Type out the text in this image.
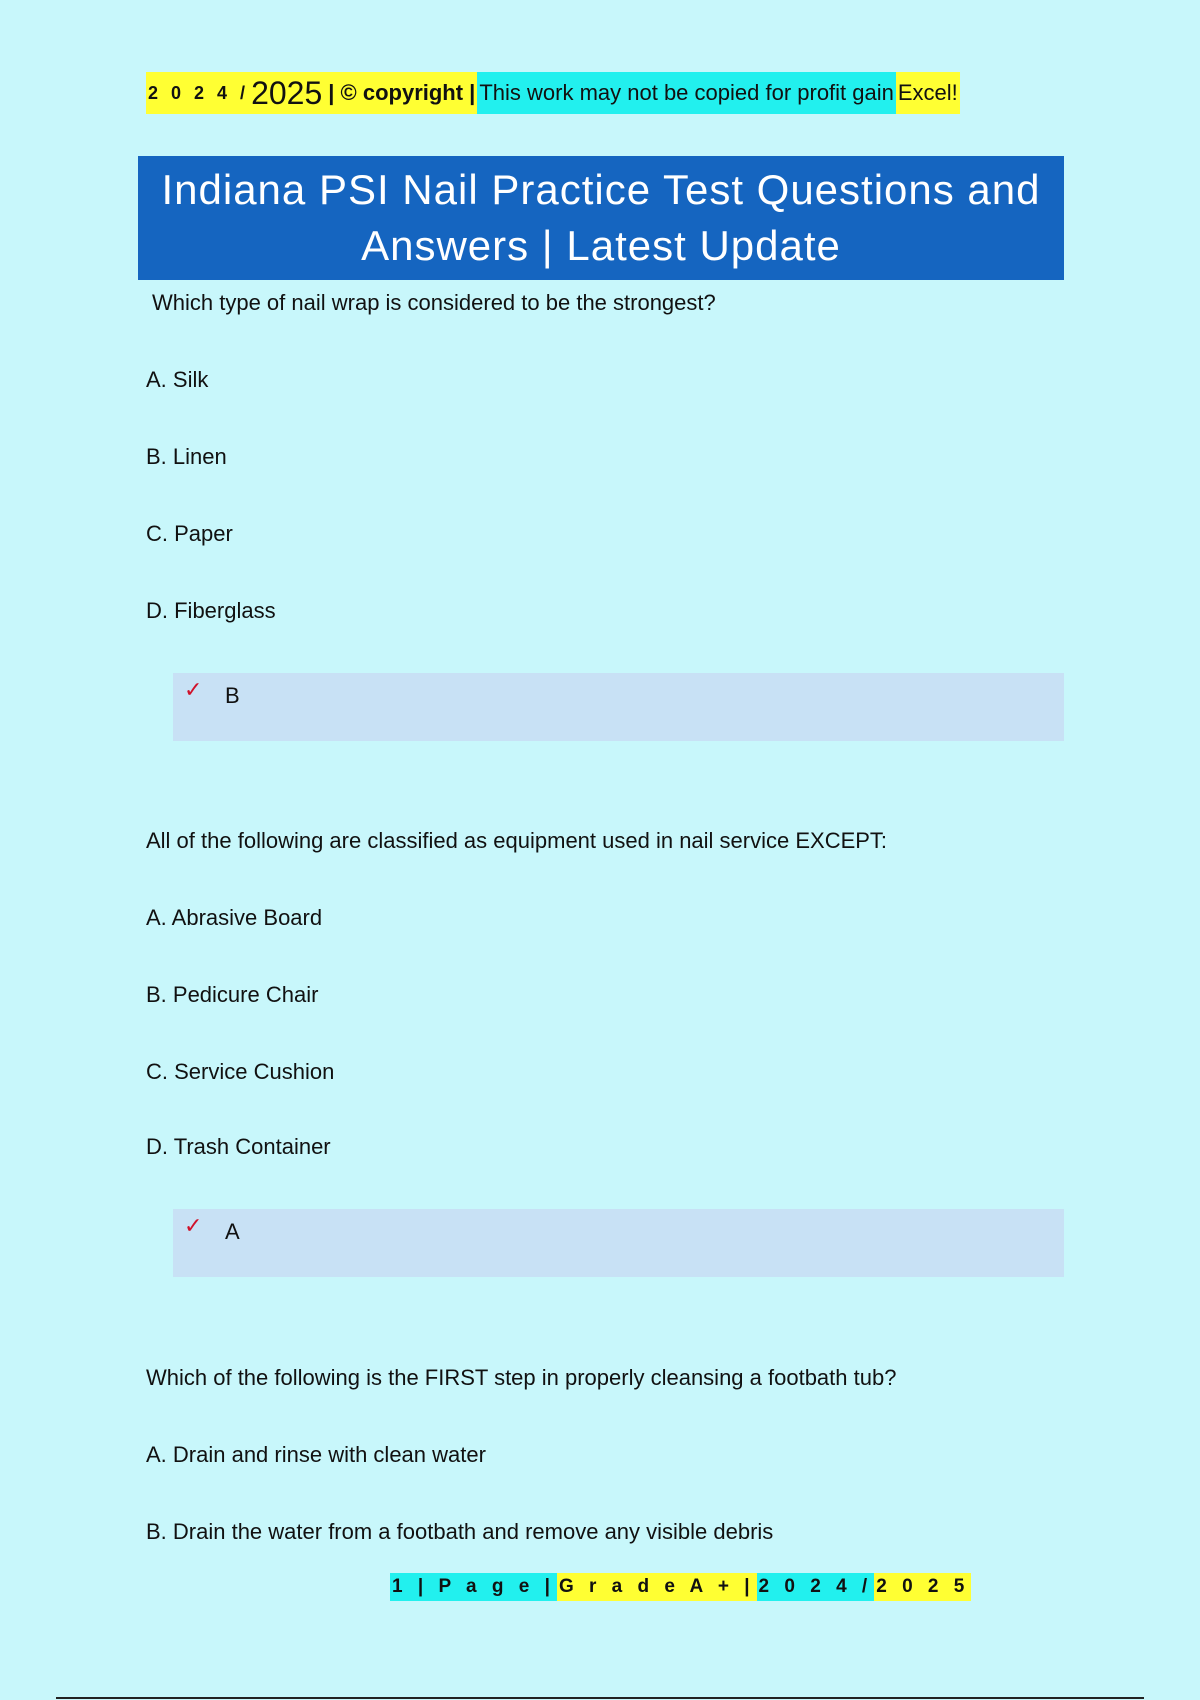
2 0 2 4 / 2025 | © copyright | This work may not be copied for profit gain Excel!
Indiana PSI Nail Practice Test Questions and Answers | Latest Update
Which type of nail wrap is considered to be the strongest?
A. Silk
B. Linen
C. Paper
D. Fiberglass
✓ B
All of the following are classified as equipment used in nail service EXCEPT:
A. Abrasive Board
B. Pedicure Chair
C. Service Cushion
D. Trash Container
✓ A
Which of the following is the FIRST step in properly cleansing a footbath tub?
A. Drain and rinse with clean water
B. Drain the water from a footbath and remove any visible debris
1 | P a g e | G r a d e A + | 2 0 2 4 / 2 0 2 5
